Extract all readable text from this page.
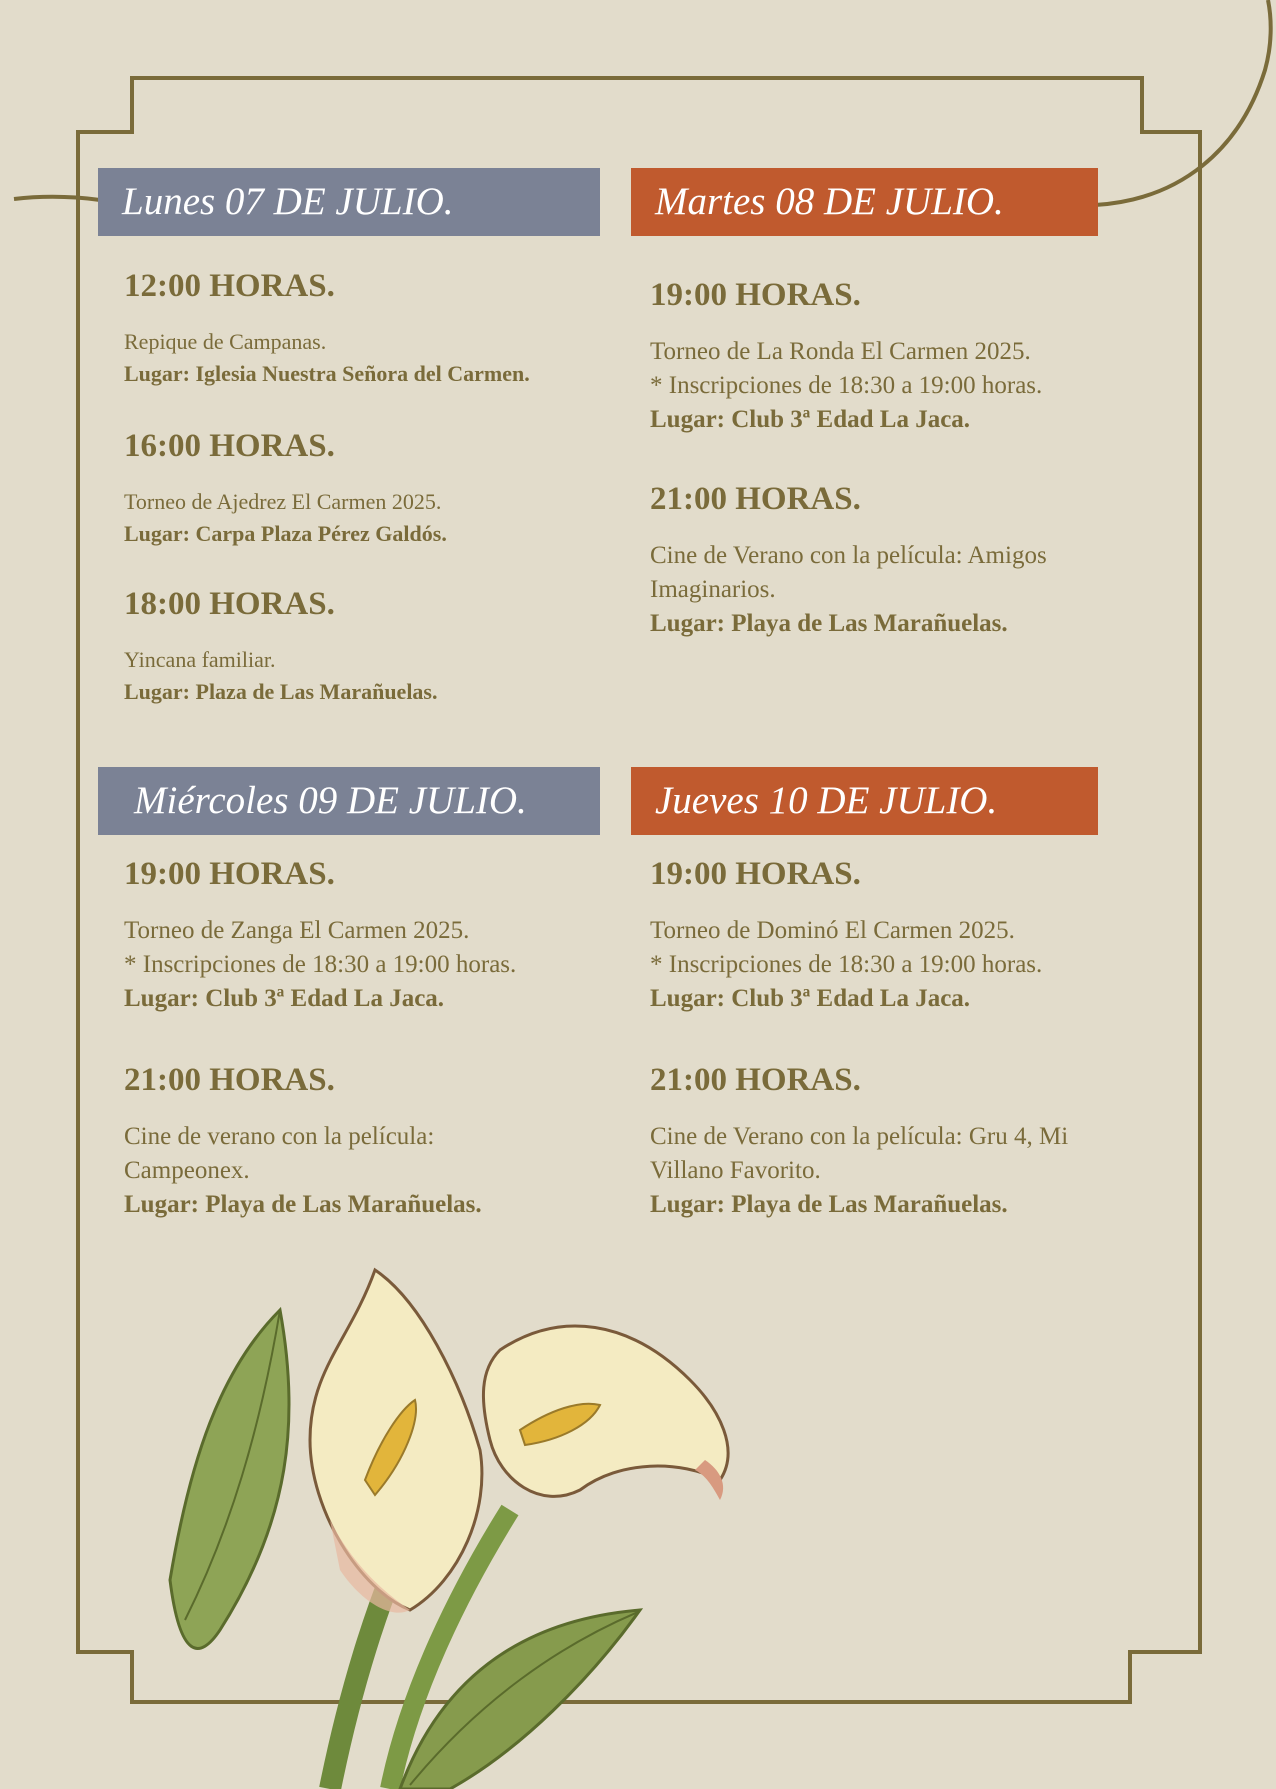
Lunes 07 DE JULIO.	Martes 08 DE JULIO.
Miércoles 09 DE JULIO.	Jueves 10 DE JULIO.
12:00 HORAS.
Repique de Campanas.
Lugar: Iglesia Nuestra Señora del Carmen.
16:00 HORAS.
Torneo de Ajedrez El Carmen 2025.
Lugar: Carpa Plaza Pérez Galdós.
18:00 HORAS.
Yincana familiar.
Lugar: Plaza de Las Marañuelas.
19:00 HORAS.
Torneo de La Ronda El Carmen 2025.
* Inscripciones de 18:30 a 19:00 horas.
Lugar: Club 3ª Edad La Jaca.
21:00 HORAS.
Cine de Verano con la película: Amigos
Imaginarios.
Lugar: Playa de Las Marañuelas.
19:00 HORAS.
Torneo de Zanga El Carmen 2025.
* Inscripciones de 18:30 a 19:00 horas.
Lugar: Club 3ª Edad La Jaca.
21:00 HORAS.
Cine de verano con la película:
Campeonex.
Lugar: Playa de Las Marañuelas.
19:00 HORAS.
Torneo de Dominó El Carmen 2025.
* Inscripciones de 18:30 a 19:00 horas.
Lugar: Club 3ª Edad La Jaca.
21:00 HORAS.
Cine de Verano con la película: Gru 4, Mi
Villano Favorito.
Lugar: Playa de Las Marañuelas.
